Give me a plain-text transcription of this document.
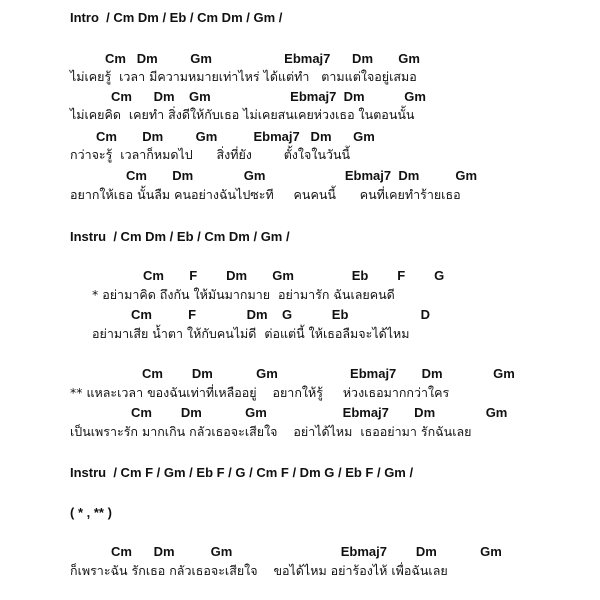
Intro  / Cm Dm / Eb / Cm Dm / Gm /
Cm   Dm         Gm                    Ebmaj7      Dm       Gm
ไม่เคยรู้  เวลา มีความหมายเท่าไหร่ ได้แต่ทำ   ตามแต่ใจอยู่เสมอ
Cm      Dm    Gm                      Ebmaj7  Dm           Gm
ไม่เคยคิด  เคยทำ สิ่งดีให้กับเธอ ไม่เคยสนเคยห่วงเธอ ในตอนนั้น
Cm       Dm         Gm          Ebmaj7   Dm      Gm
กว่าจะรู้  เวลาก็หมดไป      สิ่งที่ยัง        ตั้งใจในวันนี้
Cm       Dm              Gm                      Ebmaj7  Dm          Gm
อยากให้เธอ นั้นลืม คนอย่างฉันไปซะที     คนคนนี้      คนที่เคยทำร้ายเธอ
Instru  / Cm Dm / Eb / Cm Dm / Gm /
Cm       F        Dm       Gm                Eb        F        G
* อย่ามาคิด ถึงกัน ให้มันมากมาย  อย่ามารัก ฉันเลยคนดี
Cm          F              Dm    G           Eb                    D
อย่ามาเสีย น้ำตา ให้กับคนไม่ดี  ต่อแต่นี้ ให้เธอลืมจะได้ไหม
Cm        Dm            Gm                    Ebmaj7       Dm              Gm
** แหละเวลา ของฉันเท่าที่เหลืออยู่    อยากให้รู้     ห่วงเธอมากกว่าใคร
Cm        Dm            Gm                     Ebmaj7       Dm              Gm
เป็นเพราะรัก มากเกิน กลัวเธอจะเสียใจ    อย่าได้ไหม  เธออย่ามา รักฉันเลย
Instru  / Cm F / Gm / Eb F / G / Cm F / Dm G / Eb F / Gm /
( * , ** )
Cm      Dm          Gm                              Ebmaj7        Dm            Gm
ก็เพราะฉัน รักเธอ กลัวเธอจะเสียใจ    ขอได้ไหม อย่าร้องไห้ เพื่อฉันเลย
